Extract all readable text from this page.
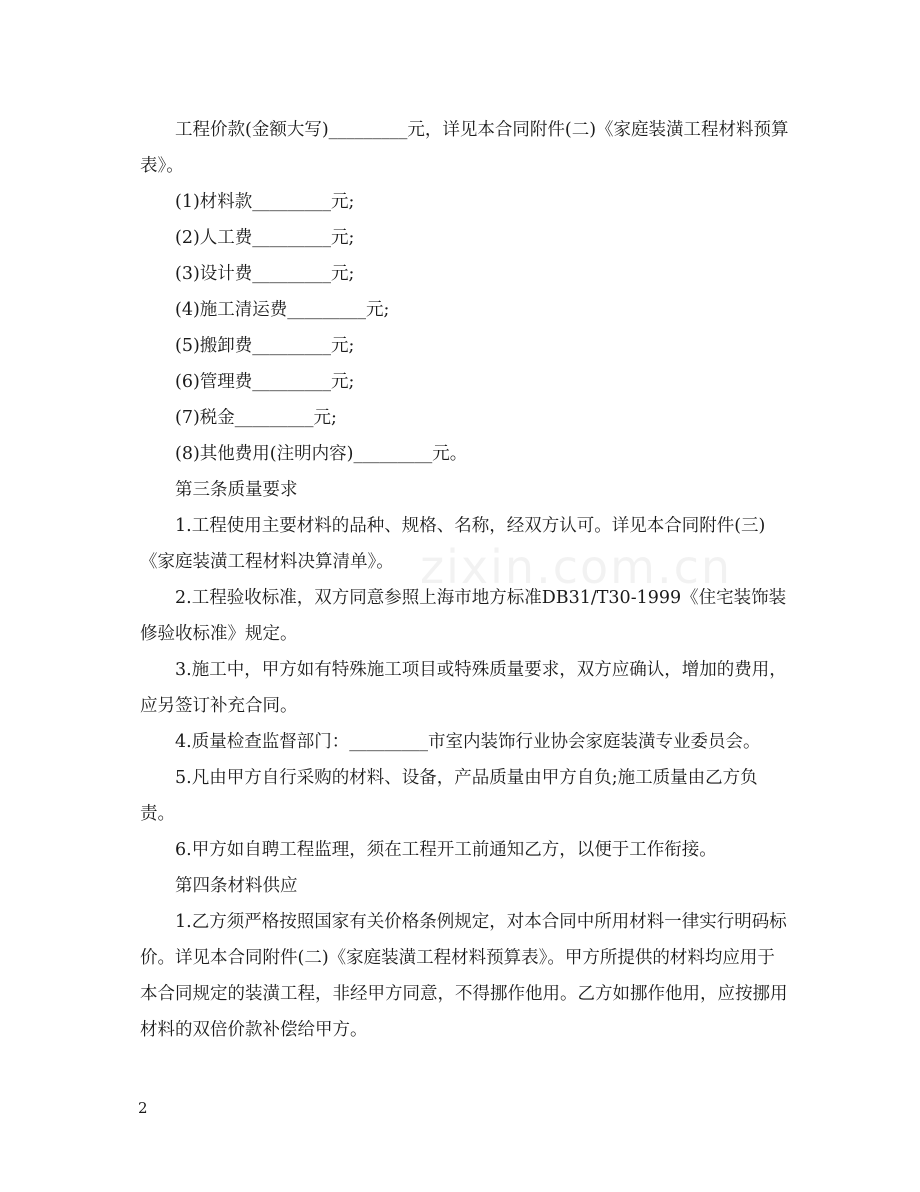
工程价款(金额大写)_________元，详见本合同附件(二)《家庭装潢工程材料预算表》。

(1)材料款_________元;

(2)人工费_________元;

(3)设计费_________元;

(4)施工清运费_________元;

(5)搬卸费_________元;

(6)管理费_________元;

(7)税金_________元;

(8)其他费用(注明内容)_________元。

第三条质量要求

1.工程使用主要材料的品种、规格、名称，经双方认可。详见本合同附件(三)《家庭装潢工程材料决算清单》。

2.工程验收标准，双方同意参照上海市地方标准DB31/T30-1999《住宅装饰装修验收标准》规定。

3.施工中，甲方如有特殊施工项目或特殊质量要求，双方应确认，增加的费用，应另签订补充合同。

4.质量检查监督部门：_________市室内装饰行业协会家庭装潢专业委员会。

5.凡由甲方自行采购的材料、设备，产品质量由甲方自负;施工质量由乙方负责。

6.甲方如自聘工程监理，须在工程开工前通知乙方，以便于工作衔接。

第四条材料供应

1.乙方须严格按照国家有关价格条例规定，对本合同中所用材料一律实行明码标价。详见本合同附件(二)《家庭装潢工程材料预算表》。甲方所提供的材料均应用于本合同规定的装潢工程，非经甲方同意，不得挪作他用。乙方如挪作他用，应按挪用材料的双倍价款补偿给甲方。

zixin.com.cn
2
